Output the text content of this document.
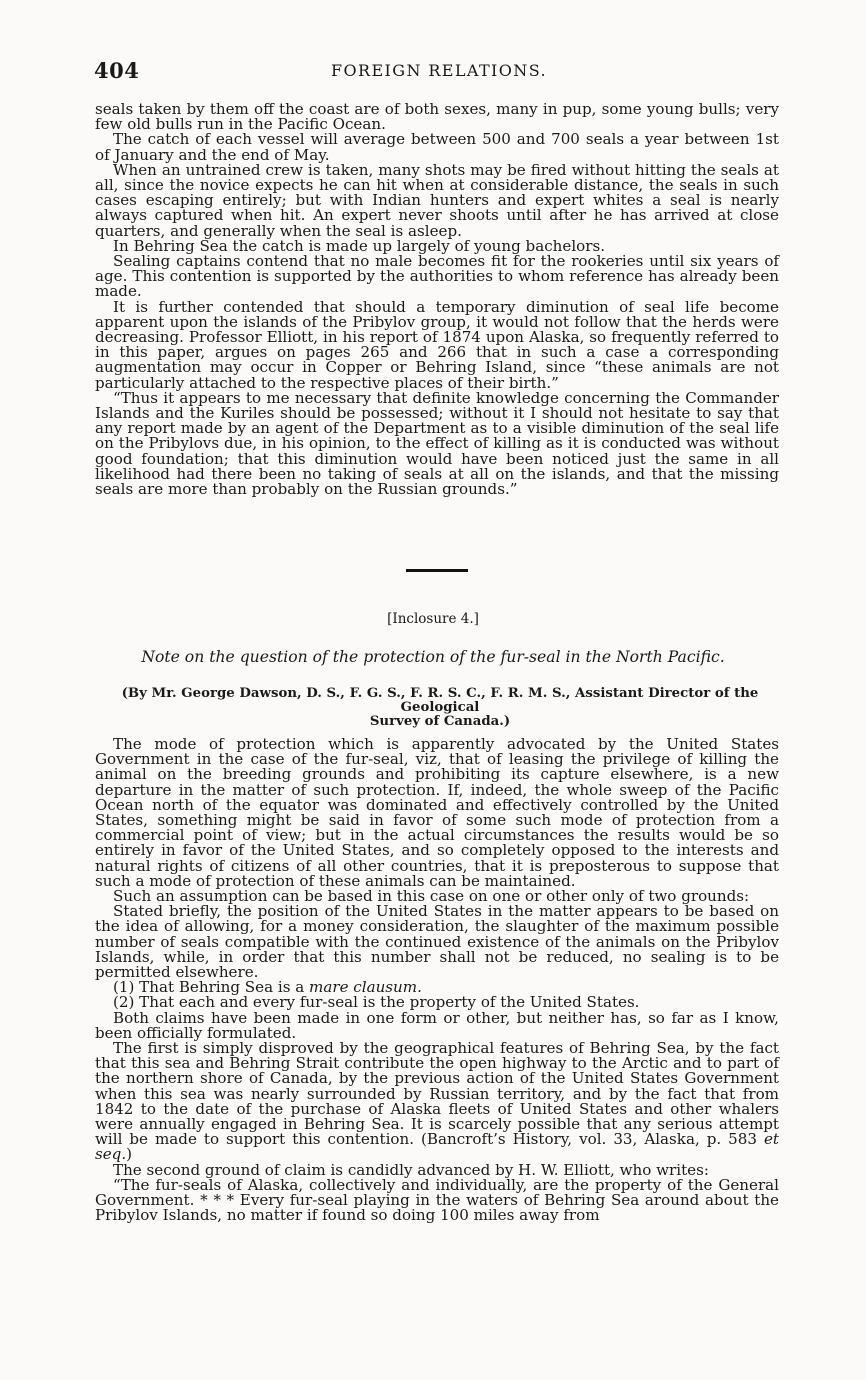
404	FOREIGN RELATIONS.

seals taken by them off the coast are of both sexes, many in pup, some young bulls; very few old bulls run in the Pacific Ocean.

The catch of each vessel will average between 500 and 700 seals a year between 1st of January and the end of May.

When an untrained crew is taken, many shots may be fired without hitting the seals at all, since the novice expects he can hit when at considerable distance, the seals in such cases escaping entirely; but with Indian hunters and expert whites a seal is nearly always captured when hit. An expert never shoots until after he has arrived at close quarters, and generally when the seal is asleep.

In Behring Sea the catch is made up largely of young bachelors.

Sealing captains contend that no male becomes fit for the rookeries until six years of age. This contention is supported by the authorities to whom reference has already been made.

It is further contended that should a temporary diminution of seal life become apparent upon the islands of the Pribylov group, it would not follow that the herds were decreasing. Professor Elliott, in his report of 1874 upon Alaska, so frequently referred to in this paper, argues on pages 265 and 266 that in such a case a corresponding augmentation may occur in Copper or Behring Island, since “these animals are not particularly attached to the respective places of their birth.”

“Thus it appears to me necessary that definite knowledge concerning the Commander Islands and the Kuriles should be possessed; without it I should not hesitate to say that any report made by an agent of the Department as to a visible diminution of the seal life on the Pribylovs due, in his opinion, to the effect of killing as it is conducted was without good foundation; that this diminution would have been noticed just the same in all likelihood had there been no taking of seals at all on the islands, and that the missing seals are more than probably on the Russian grounds.”

[Inclosure 4.]
Note on the question of the protection of the fur-seal in the North Pacific.
(By Mr. George Dawson, D. S., F. G. S., F. R. S. C., F. R. M. S., Assistant Director of the Geological
Survey of Canada.)

The mode of protection which is apparently advocated by the United States Government in the case of the fur-seal, viz, that of leasing the privilege of killing the animal on the breeding grounds and prohibiting its capture elsewhere, is a new departure in the matter of such protection. If, indeed, the whole sweep of the Pacific Ocean north of the equator was dominated and effectively controlled by the United States, something might be said in favor of some such mode of protection from a commercial point of view; but in the actual circumstances the results would be so entirely in favor of the United States, and so completely opposed to the interests and natural rights of citizens of all other countries, that it is preposterous to suppose that such a mode of protection of these animals can be maintained.

Such an assumption can be based in this case on one or other only of two grounds:

Stated briefly, the position of the United States in the matter appears to be based on the idea of allowing, for a money consideration, the slaughter of the maximum possible number of seals compatible with the continued existence of the animals on the Pribylov Islands, while, in order that this number shall not be reduced, no sealing is to be permitted elsewhere.

(1) That Behring Sea is a mare clausum.

(2) That each and every fur-seal is the property of the United States.

Both claims have been made in one form or other, but neither has, so far as I know, been officially formulated.

The first is simply disproved by the geographical features of Behring Sea, by the fact that this sea and Behring Strait contribute the open highway to the Arctic and to part of the northern shore of Canada, by the previous action of the United States Government when this sea was nearly surrounded by Russian territory, and by the fact that from 1842 to the date of the purchase of Alaska fleets of United States and other whalers were annually engaged in Behring Sea. It is scarcely possible that any serious attempt will be made to support this contention. (Bancroft’s History, vol. 33, Alaska, p. 583 et seq.)

The second ground of claim is candidly advanced by H. W. Elliott, who writes:

“The fur-seals of Alaska, collectively and individually, are the property of the General Government. * * * Every fur-seal playing in the waters of Behring Sea around about the Pribylov Islands, no matter if found so doing 100 miles away from
